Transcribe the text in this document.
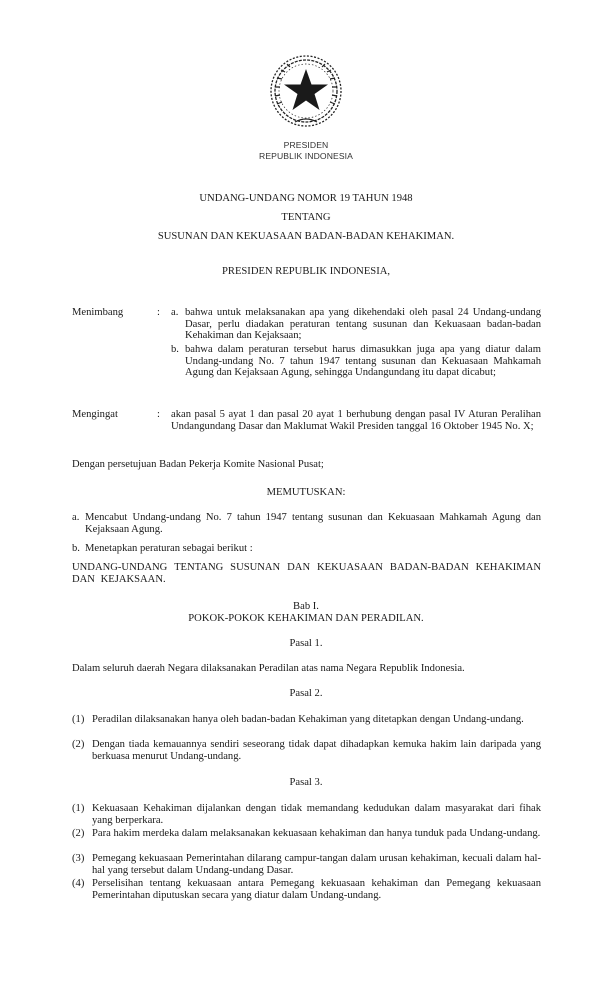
PRESIDEN
REPUBLIK INDONESIA
UNDANG-UNDANG NOMOR 19 TAHUN 1948
TENTANG
SUSUNAN DAN KEKUASAAN BADAN-BADAN KEHAKIMAN.
PRESIDEN REPUBLIK INDONESIA,
Menimbang	: a. bahwa untuk melaksanakan apa yang dikehendaki oleh pasal 24 Undang-undang Dasar, perlu diadakan peraturan tentang susunan dan Kekuasaan badan-badan Kehakiman dan Kejaksaan;
b. bahwa dalam peraturan tersebut harus dimasukkan juga apa yang diatur dalam Undang-undang No. 7 tahun 1947 tentang susunan dan Kekuasaan Mahkamah Agung dan Kejaksaan Agung, sehingga Undangundang itu dapat dicabut;
Mengingat	: akan pasal 5 ayat 1 dan pasal 20 ayat 1 berhubung dengan pasal IV Aturan Peralihan Undangundang Dasar dan Maklumat Wakil Presiden tanggal 16 Oktober 1945 No. X;
Dengan persetujuan Badan Pekerja Komite Nasional Pusat;
MEMUTUSKAN:
a. Mencabut Undang-undang No. 7 tahun 1947 tentang susunan dan Kekuasaan Mahkamah Agung dan Kejaksaan Agung.
b. Menetapkan peraturan sebagai berikut :
UNDANG-UNDANG TENTANG SUSUNAN DAN KEKUASAAN BADAN-BADAN KEHAKIMAN DAN KEJAKSAAN.
Bab I.
POKOK-POKOK KEHAKIMAN DAN PERADILAN.
Pasal 1.
Dalam seluruh daerah Negara dilaksanakan Peradilan atas nama Negara Republik Indonesia.
Pasal 2.
(1) Peradilan dilaksanakan hanya oleh badan-badan Kehakiman yang ditetapkan dengan Undang-undang.
(2) Dengan tiada kemauannya sendiri seseorang tidak dapat dihadapkan kemuka hakim lain daripada yang berkuasa menurut Undang-undang.
Pasal 3.
(1) Kekuasaan Kehakiman dijalankan dengan tidak memandang kedudukan dalam masyarakat dari fihak yang berperkara.
(2) Para hakim merdeka dalam melaksanakan kekuasaan kehakiman dan hanya tunduk pada Undang-undang.
(3) Pemegang kekuasaan Pemerintahan dilarang campur-tangan dalam urusan kehakiman, kecuali dalam hal-hal yang tersebut dalam Undang-undang Dasar.
(4) Perselisihan tentang kekuasaan antara Pemegang kekuasaan kehakiman dan Pemegang kekuasaan Pemerintahan diputuskan secara yang diatur dalam Undang-undang.
